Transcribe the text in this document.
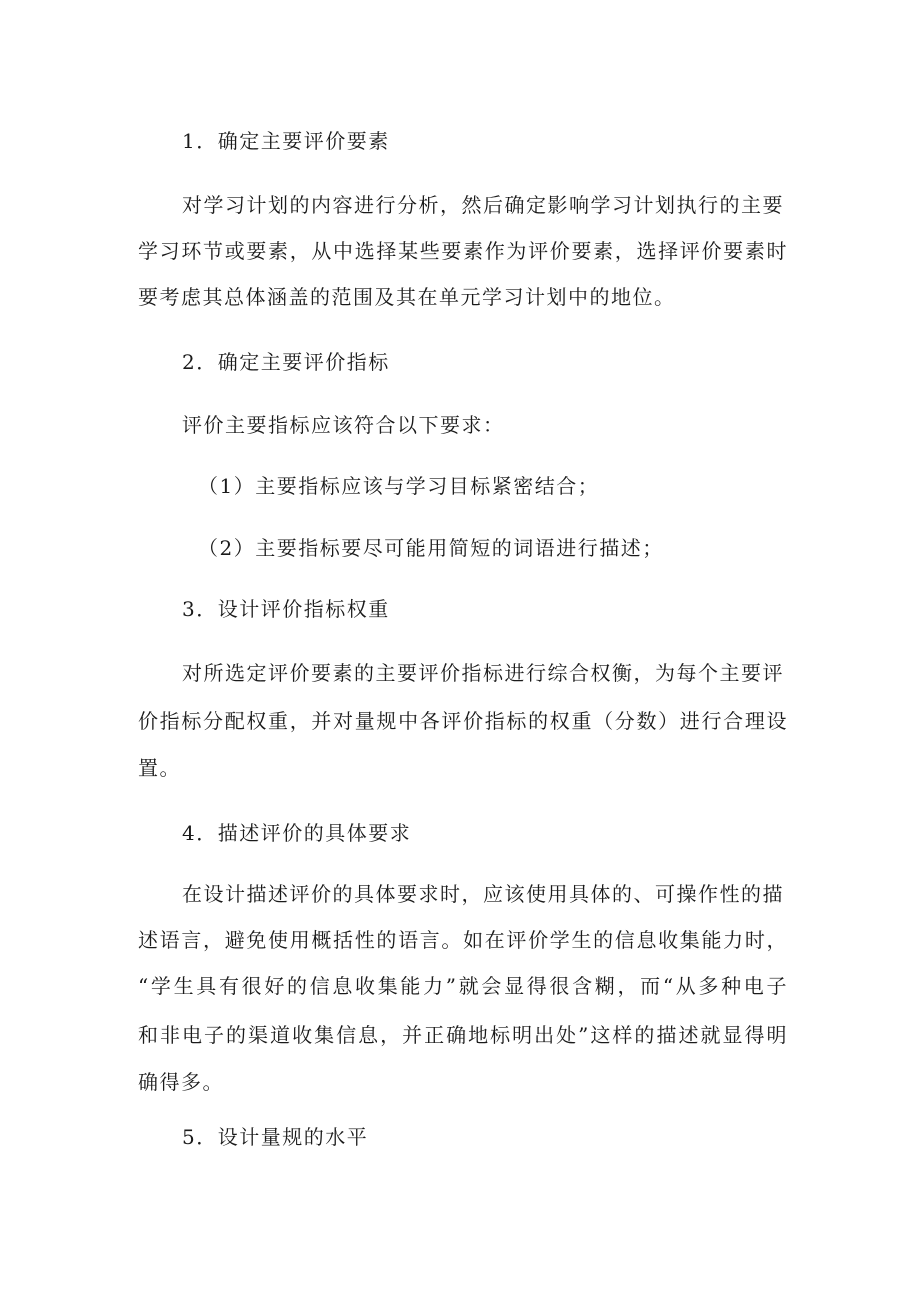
1．确定主要评价要素
对学习计划的内容进行分析，然后确定影响学习计划执行的主要
学习环节或要素，从中选择某些要素作为评价要素，选择评价要素时
要考虑其总体涵盖的范围及其在单元学习计划中的地位。
2．确定主要评价指标
评价主要指标应该符合以下要求：
（1）主要指标应该与学习目标紧密结合；
（2）主要指标要尽可能用简短的词语进行描述；
3．设计评价指标权重
对所选定评价要素的主要评价指标进行综合权衡，为每个主要评
价指标分配权重，并对量规中各评价指标的权重（分数）进行合理设
置。
4．描述评价的具体要求
在设计描述评价的具体要求时，应该使用具体的、可操作性的描
述语言，避免使用概括性的语言。如在评价学生的信息收集能力时，
“学生具有很好的信息收集能力”就会显得很含糊，而“从多种电子
和非电子的渠道收集信息，并正确地标明出处”这样的描述就显得明
确得多。
5．设计量规的水平
